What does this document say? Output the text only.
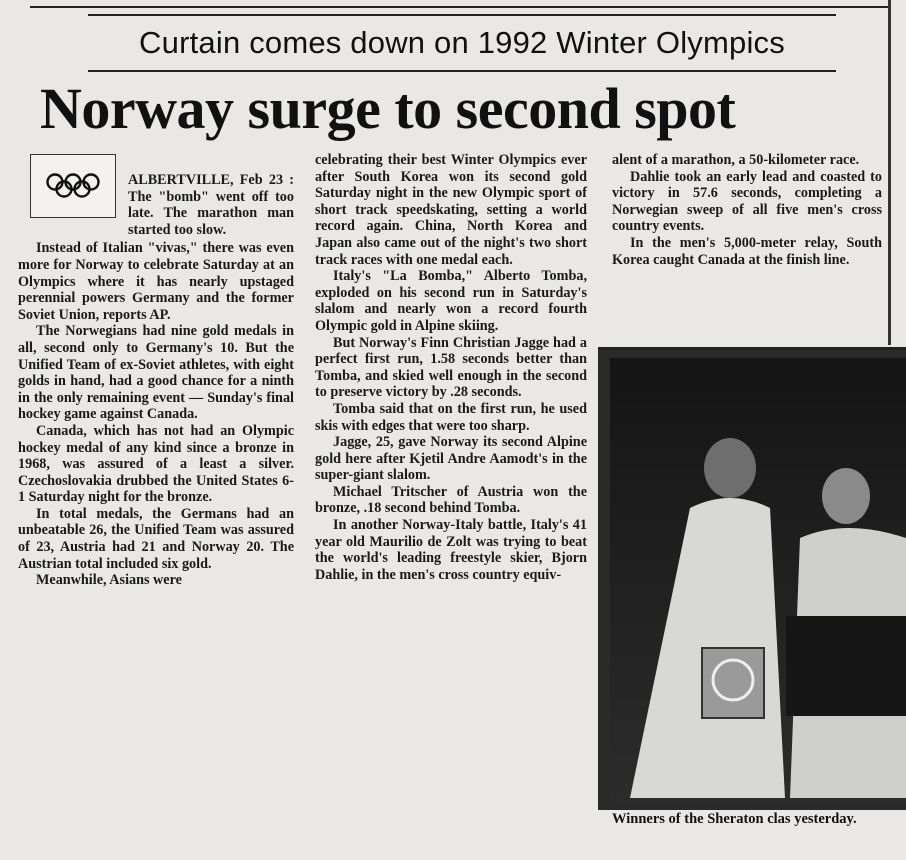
Curtain comes down on 1992 Winter Olympics
Norway surge to second spot

ALBERTVILLE, Feb 23 : The "bomb" went off too late. The marathon man started too slow.

Instead of Italian "vivas," there was even more for Norway to celebrate Saturday at an Olympics where it has nearly upstaged perennial powers Germany and the former Soviet Union, reports AP.

The Norwegians had nine gold medals in all, second only to Germany's 10. But the Unified Team of ex-Soviet athletes, with eight golds in hand, had a good chance for a ninth in the only remaining event — Sunday's final hockey game against Canada.

Canada, which has not had an Olympic hockey medal of any kind since a bronze in 1968, was assured of a least a silver. Czechoslovakia drubbed the United States 6-1 Saturday night for the bronze.

In total medals, the Germans had an unbeatable 26, the Unified Team was assured of 23, Austria had 21 and Norway 20. The Austrian total included six gold.

Meanwhile, Asians were

celebrating their best Winter Olympics ever after South Korea won its second gold Saturday night in the new Olympic sport of short track speedskating, setting a world record again. China, North Korea and Japan also came out of the night's two short track races with one medal each.

Italy's "La Bomba," Alberto Tomba, exploded on his second run in Saturday's slalom and nearly won a record fourth Olympic gold in Alpine skiing.

But Norway's Finn Christian Jagge had a perfect first run, 1.58 seconds better than Tomba, and skied well enough in the second to preserve victory by .28 seconds.

Tomba said that on the first run, he used skis with edges that were too sharp.

Jagge, 25, gave Norway its second Alpine gold here after Kjetil Andre Aamodt's in the super-giant slalom.

Michael Tritscher of Austria won the bronze, .18 second behind Tomba.

In another Norway-Italy battle, Italy's 41 year old Maurilio de Zolt was trying to beat the world's leading freestyle skier, Bjorn Dahlie, in the men's cross country equiv-

alent of a marathon, a 50-kilometer race.

Dahlie took an early lead and coasted to victory in 57.6 seconds, completing a Norwegian sweep of all five men's cross country events.

In the men's 5,000-meter relay, South Korea caught Canada at the finish line.

Winners of the Sheraton clas yesterday.
